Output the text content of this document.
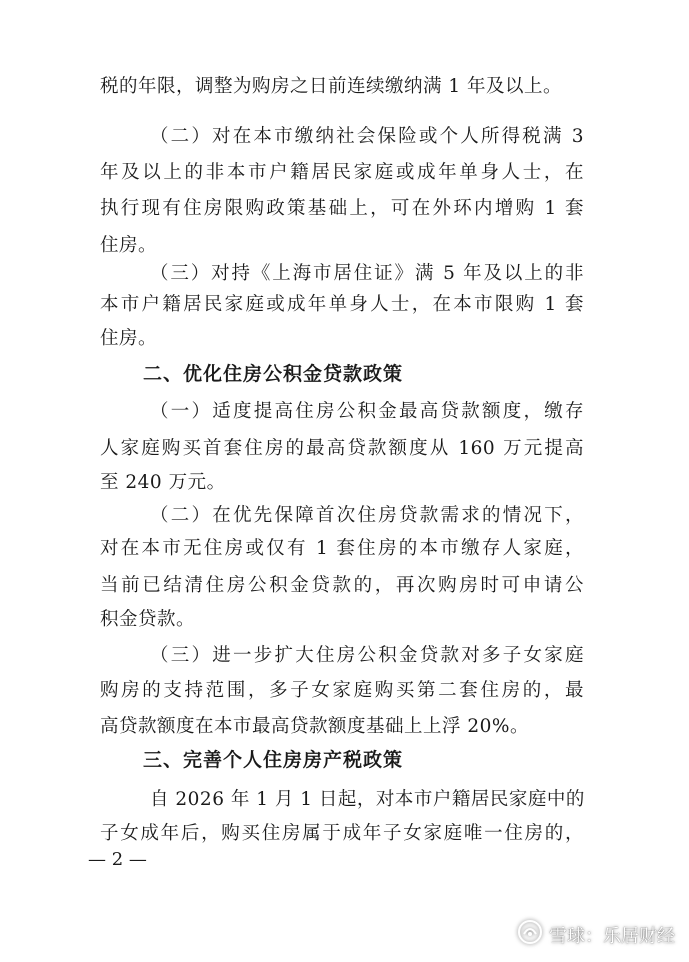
税的年限，调整为购房之日前连续缴纳满 1 年及以上。
（二）对在本市缴纳社会保险或个人所得税满 3
年及以上的非本市户籍居民家庭或成年单身人士，在
执行现有住房限购政策基础上，可在外环内增购 1 套
住房。
（三）对持《上海市居住证》满 5 年及以上的非
本市户籍居民家庭或成年单身人士，在本市限购 1 套
住房。
二、优化住房公积金贷款政策
（一）适度提高住房公积金最高贷款额度，缴存
人家庭购买首套住房的最高贷款额度从 160 万元提高
至 240 万元。
（二）在优先保障首次住房贷款需求的情况下，
对在本市无住房或仅有 1 套住房的本市缴存人家庭，
当前已结清住房公积金贷款的，再次购房时可申请公
积金贷款。
（三）进一步扩大住房公积金贷款对多子女家庭
购房的支持范围，多子女家庭购买第二套住房的，最
高贷款额度在本市最高贷款额度基础上上浮 20%。
三、完善个人住房房产税政策
自 2026 年 1 月 1 日起，对本市户籍居民家庭中的
子女成年后，购买住房属于成年子女家庭唯一住房的，
— 2 —
雪球：乐居财经
